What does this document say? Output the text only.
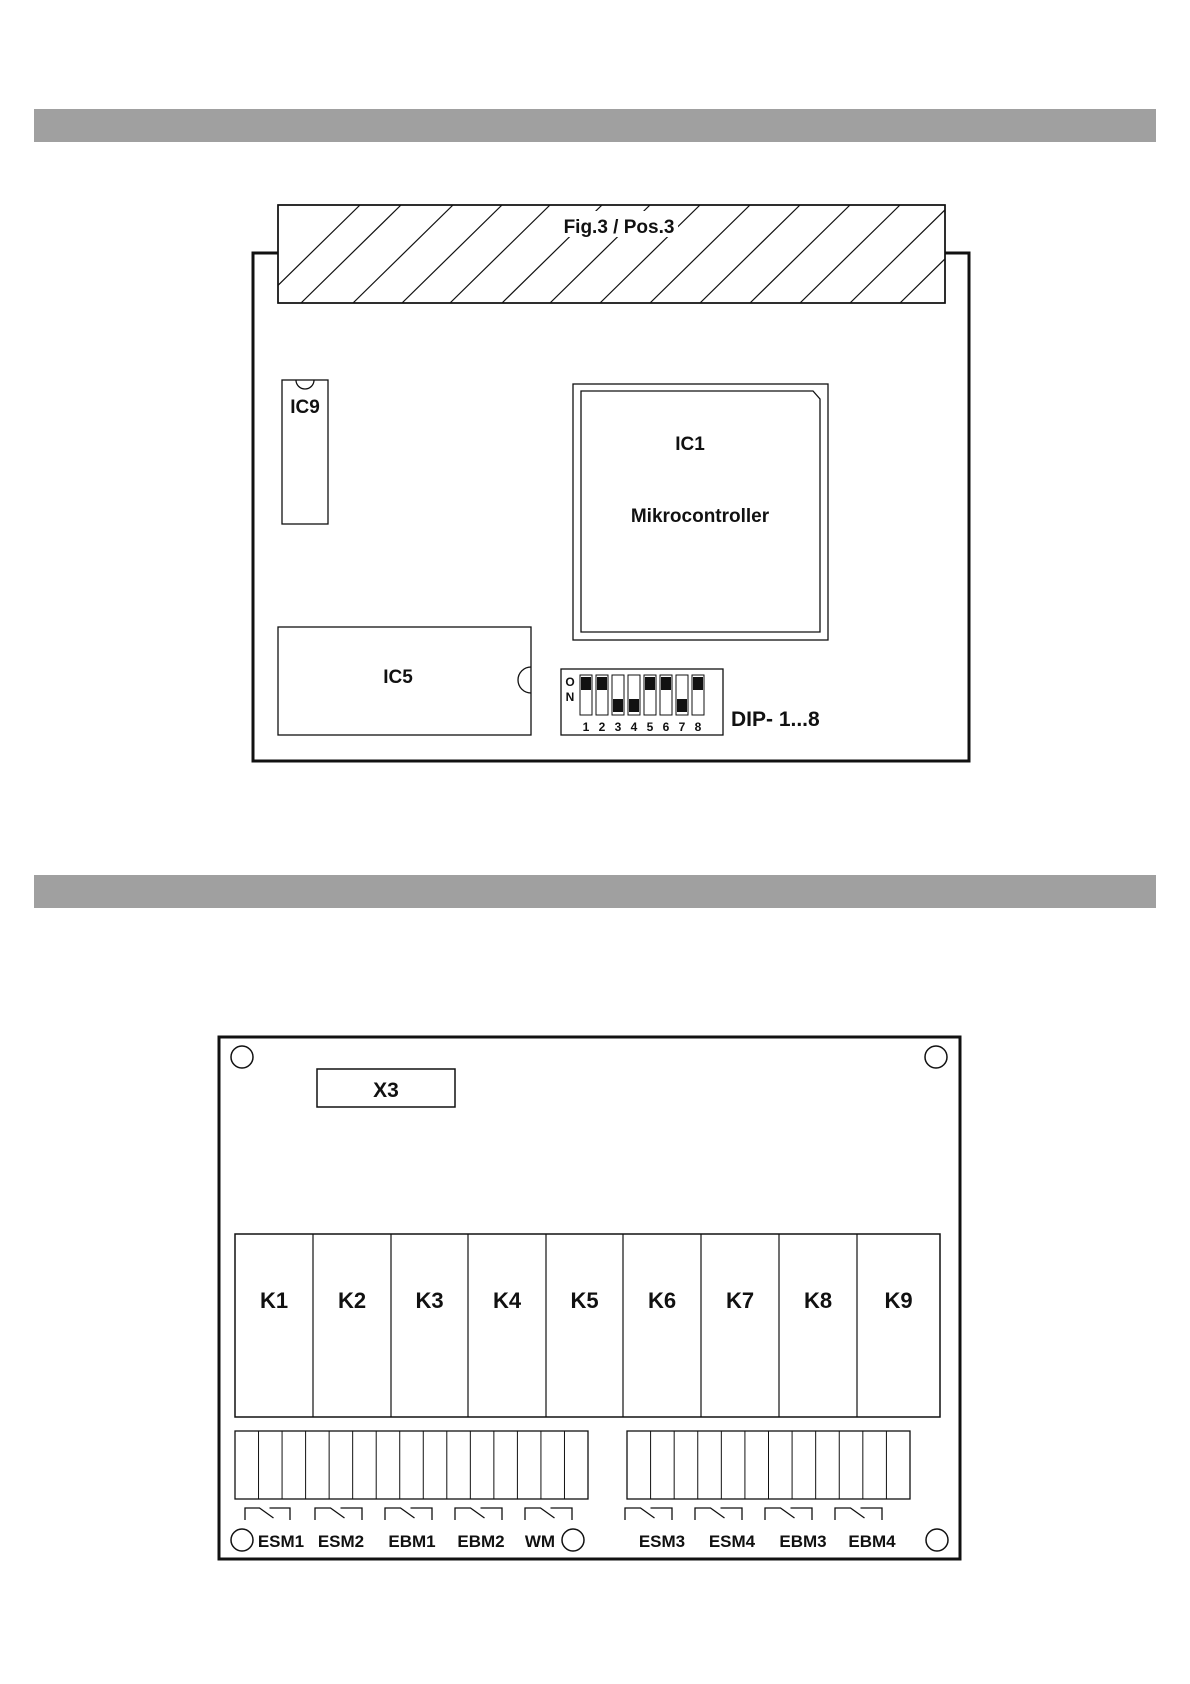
Fig.3 / Pos.3
IC9
IC1
Mikrocontroller
IC5	O
N
1 2 3 4 5 6 7 8 DIP- 1...8
X3
K1 K2 K3 K4 K5 K6 K7 K8 K9
ESM1 ESM2 EBM1 EBM2 WM	ESM3 ESM4 EBM3 EBM4
